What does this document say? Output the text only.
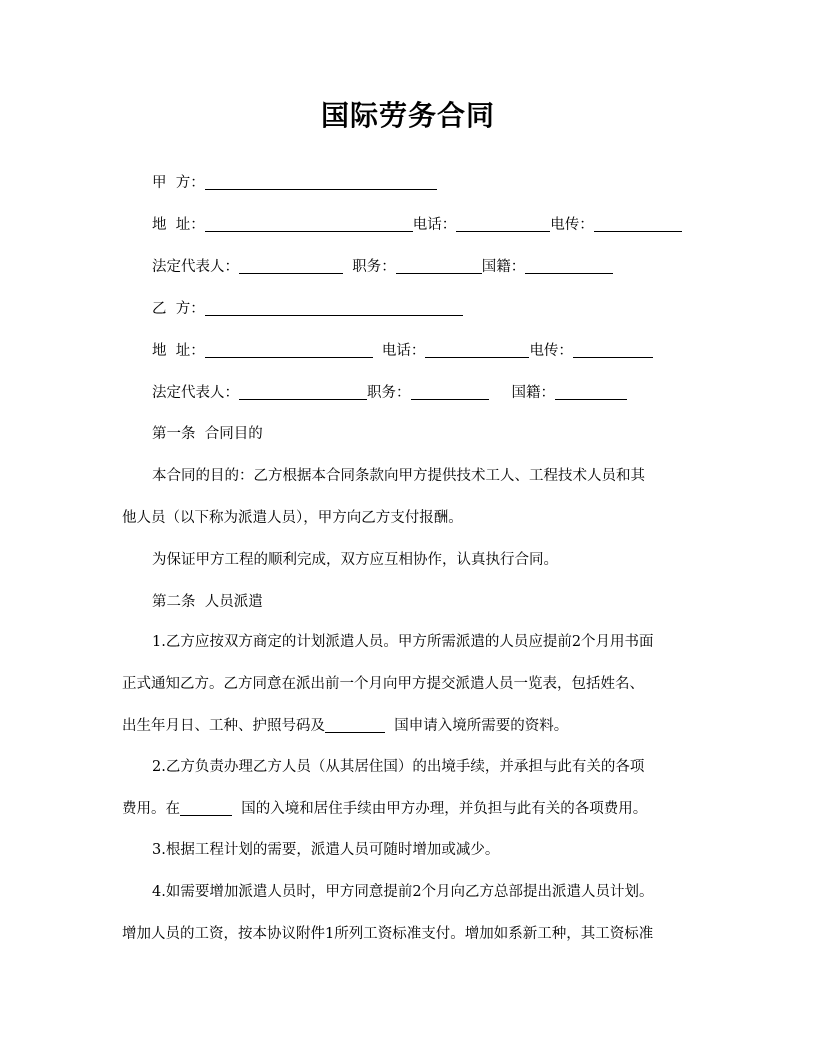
国际劳务合同
甲  方：
地  址：	电话：	电传：
法定代表人：	职务：	国籍：
乙  方：
地  址：	电话：	电传：
法定代表人：	职务：	国籍：
第一条  合同目的
本合同的目的：乙方根据本合同条款向甲方提供技术工人、工程技术人员和其
他人员（以下称为派遣人员），甲方向乙方支付报酬。
为保证甲方工程的顺利完成，双方应互相协作，认真执行合同。
第二条  人员派遣
1.乙方应按双方商定的计划派遣人员。甲方所需派遣的人员应提前2个月用书面
正式通知乙方。乙方同意在派出前一个月向甲方提交派遣人员一览表，包括姓名、
出生年月日、工种、护照号码及	国申请入境所需要的资料。
2.乙方负责办理乙方人员（从其居住国）的出境手续，并承担与此有关的各项
费用。在	国的入境和居住手续由甲方办理，并负担与此有关的各项费用。
3.根据工程计划的需要，派遣人员可随时增加或减少。
4.如需要增加派遣人员时，甲方同意提前2个月向乙方总部提出派遣人员计划。
增加人员的工资，按本协议附件1所列工资标准支付。增加如系新工种，其工资标准
